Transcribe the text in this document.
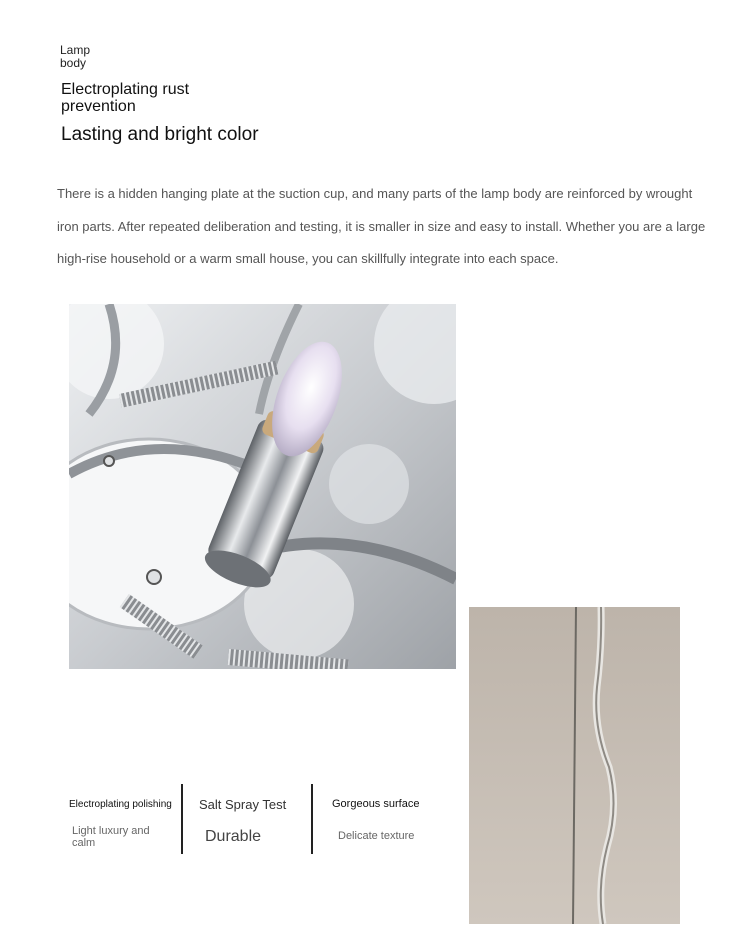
Lamp body
Electroplating rust prevention
Lasting and bright color
There is a hidden hanging plate at the suction cup, and many parts of the lamp body are reinforced by wrought iron parts. After repeated deliberation and testing, it is smaller in size and easy to install. Whether you are a large high-rise household or a warm small house, you can skillfully integrate into each space.
Electroplating polishing
Light luxury and calm
Salt Spray Test
Durable
Gorgeous surface
Delicate texture
